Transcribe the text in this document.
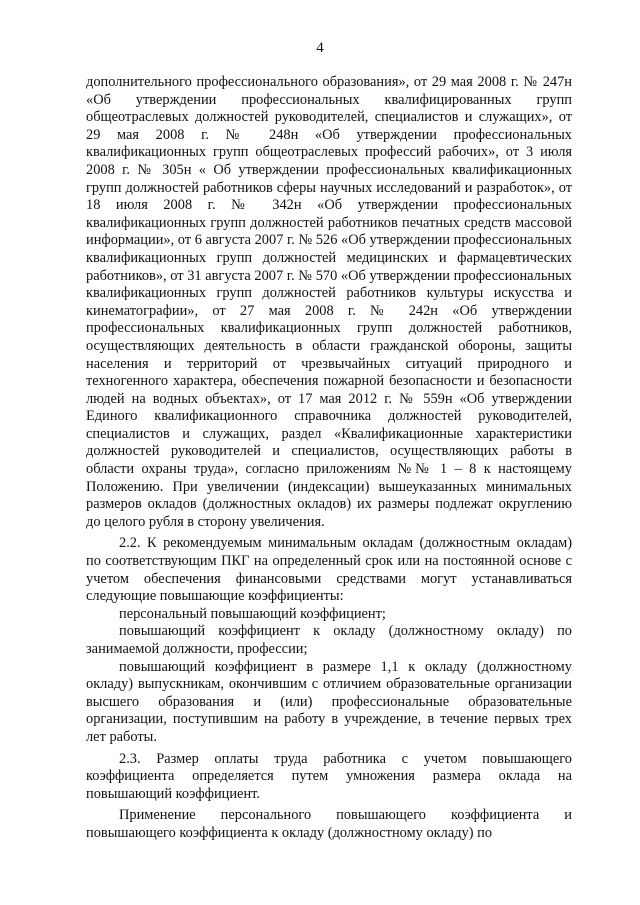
4

дополнительного профессионального образования», от 29 мая 2008 г. № 247н «Об утверждении профессиональных квалифицированных групп общеотраслевых должностей руководителей, специалистов и служащих», от 29 мая 2008 г. № 248н «Об утверждении профессиональных квалификационных групп общеотраслевых профессий рабочих», от 3 июля 2008 г. № 305н « Об утверждении профессиональных квалификационных групп должностей работников сферы научных исследований и разработок», от 18 июля 2008 г. № 342н «Об утверждении профессиональных квалификационных групп должностей работников печатных средств массовой информации», от 6 августа 2007 г. № 526 «Об утверждении профессиональных квалификационных групп должностей медицинских и фармацевтических работников», от 31 августа 2007 г. № 570 «Об утверждении профессиональных квалификационных групп должностей работников культуры искусства и кинематографии», от 27 мая 2008 г. № 242н «Об утверждении профессиональных квалификационных групп должностей работников, осуществляющих деятельность в области гражданской обороны, защиты населения и территорий от чрезвычайных ситуаций природного и техногенного характера, обеспечения пожарной безопасности и безопасности людей на водных объектах», от 17 мая 2012 г. № 559н «Об утверждении Единого квалификационного справочника должностей руководителей, специалистов и служащих, раздел «Квалификационные характеристики должностей руководителей и специалистов, осуществляющих работы в области охраны труда», согласно приложениям №№ 1 – 8 к настоящему Положению. При увеличении (индексации) вышеуказанных минимальных размеров окладов (должностных окладов) их размеры подлежат округлению до целого рубля в сторону увеличения.

2.2. К рекомендуемым минимальным окладам (должностным окладам) по соответствующим ПКГ на определенный срок или на постоянной основе с учетом обеспечения финансовыми средствами могут устанавливаться следующие повышающие коэффициенты:

персональный повышающий коэффициент;

повышающий коэффициент к окладу (должностному окладу) по занимаемой должности, профессии;

повышающий коэффициент в размере 1,1 к окладу (должностному окладу) выпускникам, окончившим с отличием образовательные организации высшего образования и (или) профессиональные образовательные организации, поступившим на работу в учреждение, в течение первых трех лет работы.

2.3. Размер оплаты труда работника с учетом повышающего коэффициента определяется путем умножения размера оклада на повышающий коэффициент.

Применение персонального повышающего коэффициента и повышающего коэффициента к окладу (должностному окладу) по
